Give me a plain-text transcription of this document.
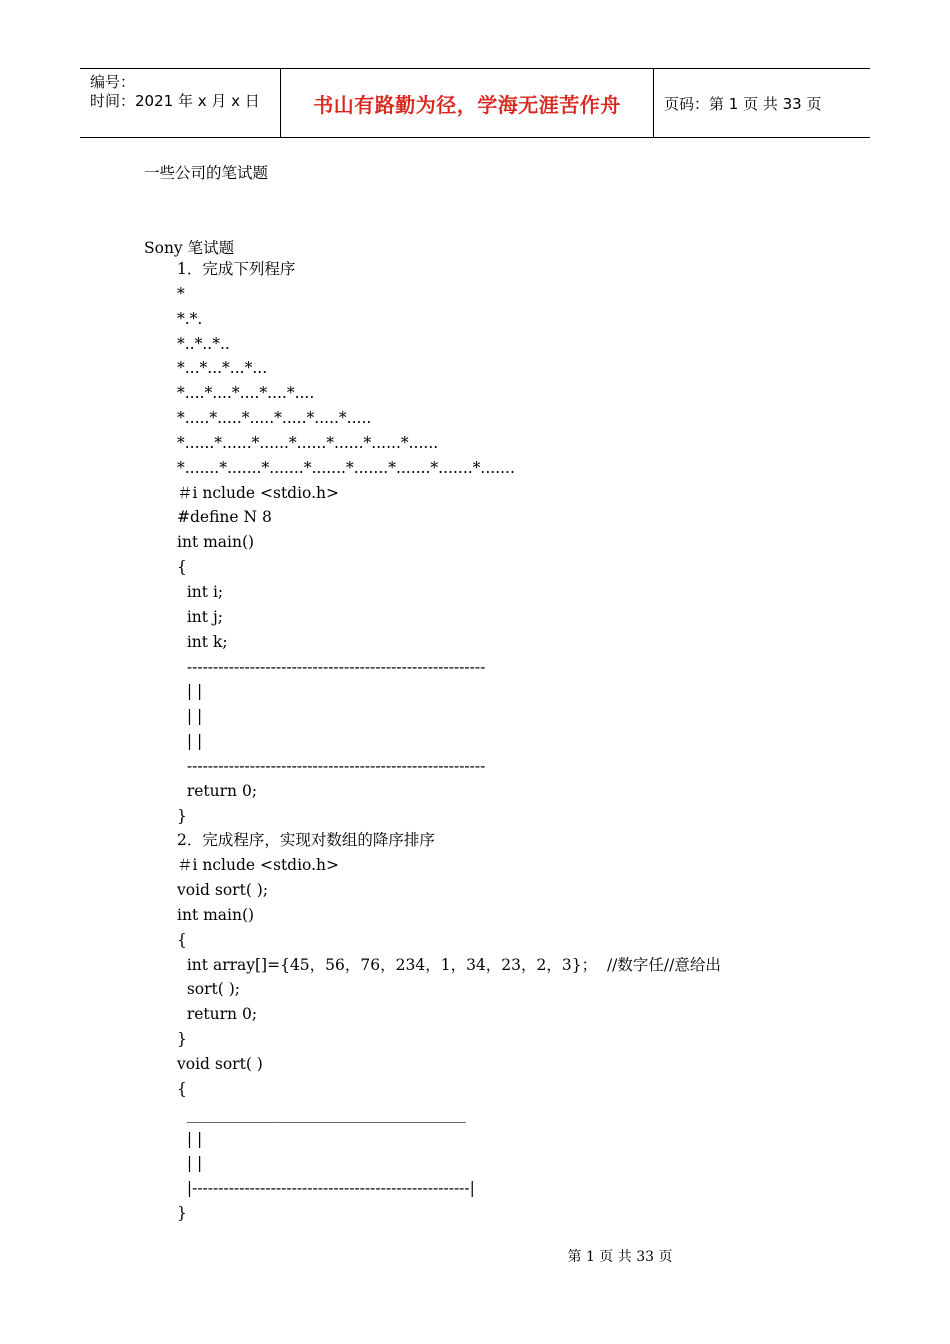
编号：
时间：2021 年 x 月 x 日	书山有路勤为径，学海无涯苦作舟	页码：第 1 页 共 33 页
一些公司的笔试题
Sony 笔试题
1．完成下列程序
*
*.*.
*..*..*..
*...*...*...*...
*....*....*....*....*....
*.....*.....*.....*.....*.....*.....
*......*......*......*......*......*......*......
*.......*.......*.......*.......*.......*.......*.......*.......
＃i nclude <stdio.h>
#define N 8
int main()
{
int i;
int j;
int k;
---------------------------------------------------------
| |
| |
| |
---------------------------------------------------------
return 0;
}
2．完成程序，实现对数组的降序排序
＃i nclude <stdio.h>
void sort( );
int main()
{
int array[]={45，56，76，234，1，34，23，2，3}；  //数字任//意给出
sort( );
return 0;
}
void sort( )
{
____________________________________
| |
| |
|-----------------------------------------------------|
}
第 1 页 共 33 页
